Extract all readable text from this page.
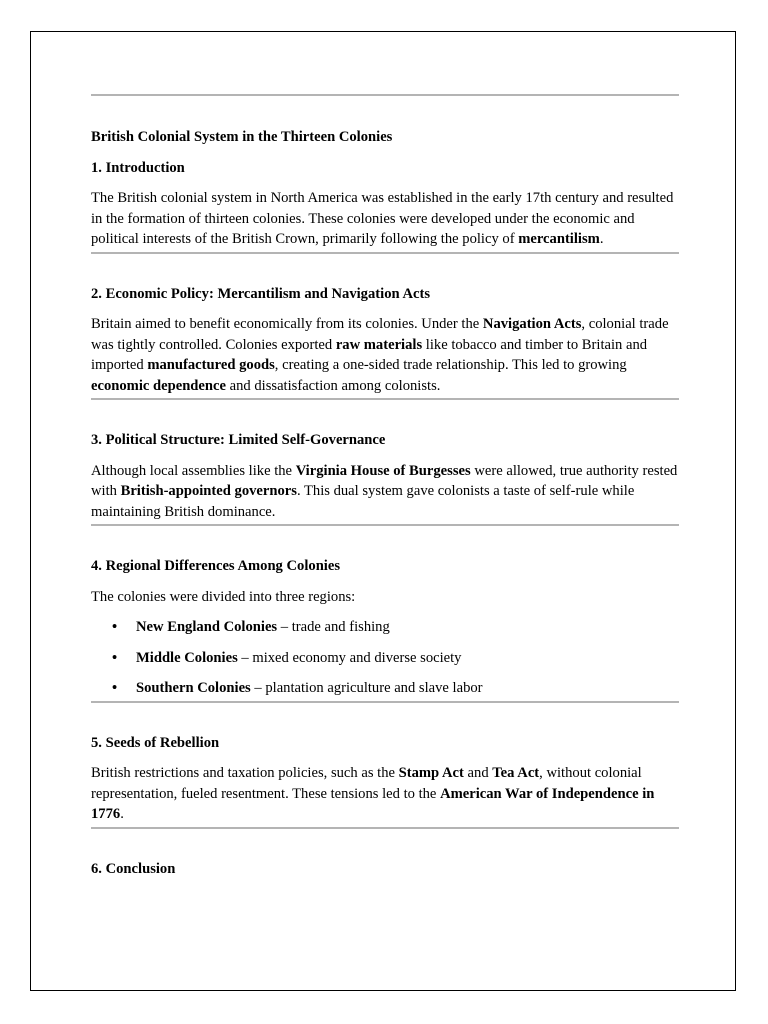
British Colonial System in the Thirteen Colonies

1. Introduction

The British colonial system in North America was established in the early 17th century and resulted in the formation of thirteen colonies. These colonies were developed under the economic and political interests of the British Crown, primarily following the policy of mercantilism.

2. Economic Policy: Mercantilism and Navigation Acts

Britain aimed to benefit economically from its colonies. Under the Navigation Acts, colonial trade was tightly controlled. Colonies exported raw materials like tobacco and timber to Britain and imported manufactured goods, creating a one-sided trade relationship. This led to growing economic dependence and dissatisfaction among colonists.

3. Political Structure: Limited Self-Governance

Although local assemblies like the Virginia House of Burgesses were allowed, true authority rested with British-appointed governors. This dual system gave colonists a taste of self-rule while maintaining British dominance.

4. Regional Differences Among Colonies

The colonies were divided into three regions:

• New England Colonies – trade and fishing
• Middle Colonies – mixed economy and diverse society
• Southern Colonies – plantation agriculture and slave labor

5. Seeds of Rebellion

British restrictions and taxation policies, such as the Stamp Act and Tea Act, without colonial representation, fueled resentment. These tensions led to the American War of Independence in 1776.

6. Conclusion
